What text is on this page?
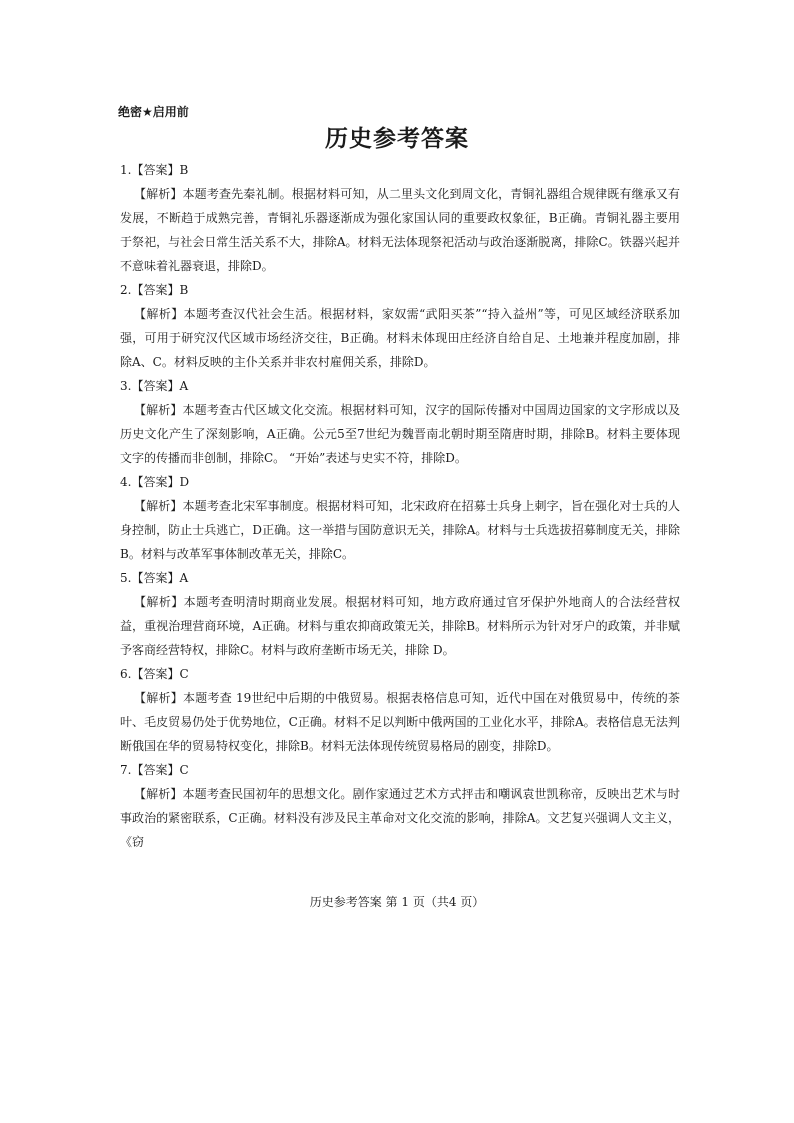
绝密★启用前
历史参考答案
1.【答案】B

【解析】本题考查先秦礼制。根据材料可知，从二里头文化到周文化，青铜礼器组合规律既有继承又有发展，不断趋于成熟完善，青铜礼乐器逐渐成为强化家国认同的重要政权象征，B正确。青铜礼器主要用于祭祀，与社会日常生活关系不大，排除A。材料无法体现祭祀活动与政治逐渐脱离，排除C。铁器兴起并不意味着礼器衰退，排除D。

2.【答案】B

【解析】本题考查汉代社会生活。根据材料，家奴需“武阳买茶”“持入益州”等，可见区域经济联系加强，可用于研究汉代区域市场经济交往，B正确。材料未体现田庄经济自给自足、土地兼并程度加剧，排除A、C。材料反映的主仆关系并非农村雇佣关系，排除D。

3.【答案】A

【解析】本题考查古代区域文化交流。根据材料可知，汉字的国际传播对中国周边国家的文字形成以及历史文化产生了深刻影响，A正确。公元5至7世纪为魏晋南北朝时期至隋唐时期，排除B。材料主要体现文字的传播而非创制，排除C。 “开始”表述与史实不符，排除D。

4.【答案】D

【解析】本题考查北宋军事制度。根据材料可知，北宋政府在招募士兵身上刺字，旨在强化对士兵的人身控制，防止士兵逃亡，D正确。这一举措与国防意识无关，排除A。材料与士兵选拔招募制度无关，排除B。材料与改革军事体制改革无关，排除C。

5.【答案】A

【解析】本题考查明清时期商业发展。根据材料可知，地方政府通过官牙保护外地商人的合法经营权益，重视治理营商环境，A正确。材料与重农抑商政策无关，排除B。材料所示为针对牙户的政策，并非赋予客商经营特权，排除C。材料与政府垄断市场无关，排除 D。

6.【答案】C

【解析】本题考查 19世纪中后期的中俄贸易。根据表格信息可知，近代中国在对俄贸易中，传统的茶叶、毛皮贸易仍处于优势地位，C正确。材料不足以判断中俄两国的工业化水平，排除A。表格信息无法判断俄国在华的贸易特权变化，排除B。材料无法体现传统贸易格局的剧变，排除D。

7.【答案】C

【解析】本题考查民国初年的思想文化。剧作家通过艺术方式抨击和嘲讽袁世凯称帝，反映出艺术与时事政治的紧密联系，C正确。材料没有涉及民主革命对文化交流的影响，排除A。文艺复兴强调人文主义， 《窃

历史参考答案 第 1 页（共4 页）
